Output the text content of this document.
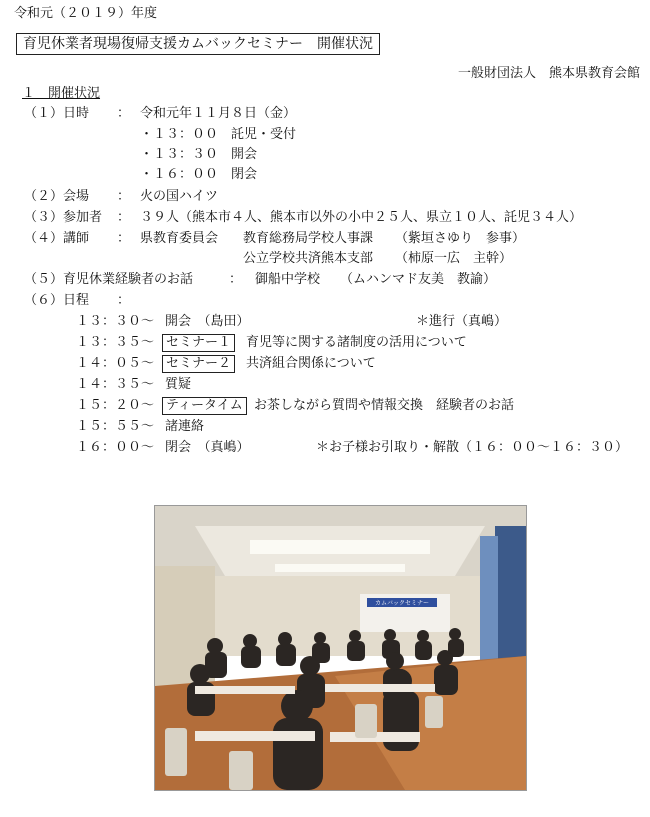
令和元（２０１９）年度
育児休業者現場復帰支援カムバックセミナー　開催状況
一般財団法人　熊本県教育会館
１　開催状況
（１）日時 ： 令和元年１１月８日（金）
・１３：００　託児・受付
・１３：３０　開会
・１６：００　閉会
（２）会場 ： 火の国ハイツ
（３）参加者 ： ３９人（熊本市４人、熊本市以外の小中２５人、県立１０人、託児３４人）
（４）講師 ： 県教育委員会 教育総務局学校人事課 （紫垣さゆり　参事）
公立学校共済熊本支部 （柿原一広　主幹）
（５）育児休業経験者のお話	： 御船中学校 （ムハンマド友美　教諭）
（６）日程 ：
１３：３０～ 開会　（島田）	＊進行（真嶋）
１３：３５～ セミナー１	育児等に関する諸制度の活用について
１４：０５～ セミナー２	共済組合関係について
１４：３５～ 質疑
１５：２０～ ティータイム お茶しながら質問や情報交換　経験者のお話
１５：５５～ 諸連絡
１６：００～ 閉会　（真嶋）	＊お子様お引取り・解散（１６：００～１６：３０）
カムバックセミナー
